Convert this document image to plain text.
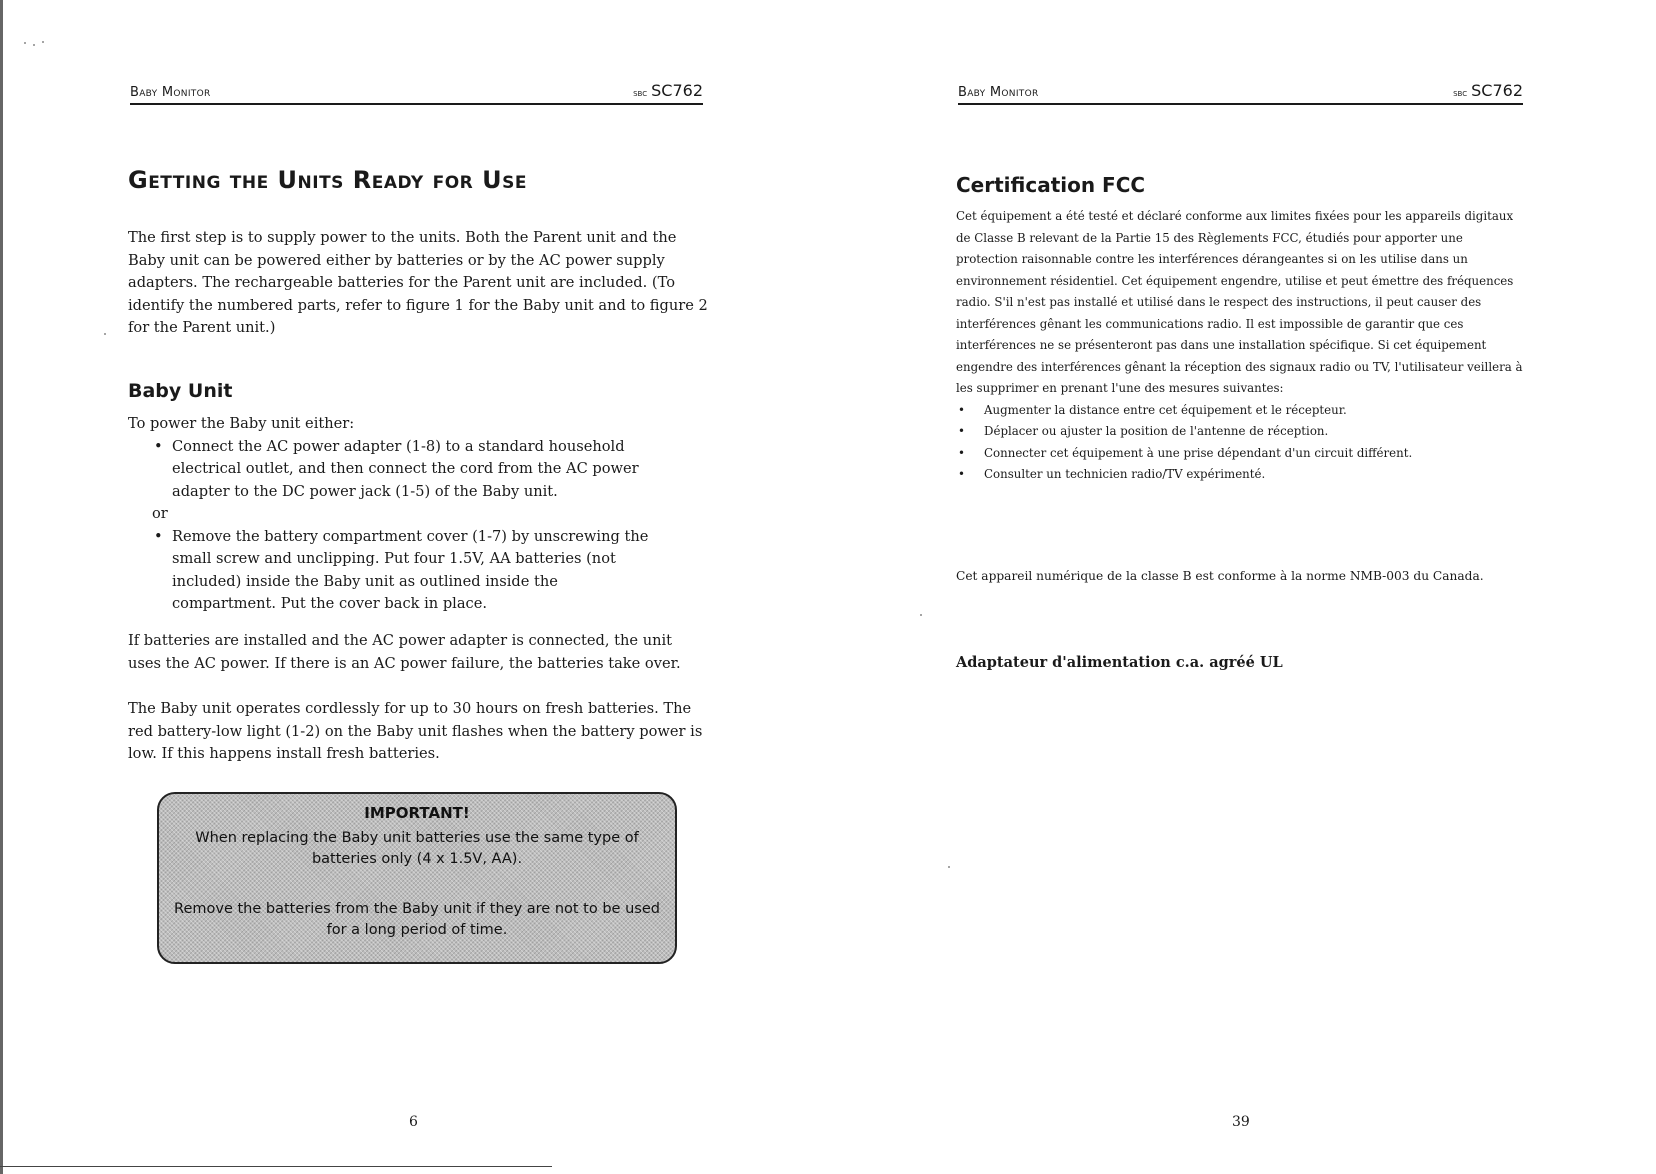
Baby Monitor	sbc SC762
Getting the Units Ready for Use

The first step is to supply power to the units. Both the Parent unit and the Baby unit can be powered either by batteries or by the AC power supply adapters. The rechargeable batteries for the Parent unit are included. (To identify the numbered parts, refer to figure 1 for the Baby unit and to figure 2 for the Parent unit.)

Baby Unit
To power the Baby unit either:
• Connect the AC power adapter (1-8) to a standard household electrical outlet, and then connect the cord from the AC power adapter to the DC power jack (1-5) of the Baby unit.
or
• Remove the battery compartment cover (1-7) by unscrewing the small screw and unclipping. Put four 1.5V, AA batteries (not included) inside the Baby unit as outlined inside the compartment. Put the cover back in place.

If batteries are installed and the AC power adapter is connected, the unit uses the AC power. If there is an AC power failure, the batteries take over.

The Baby unit operates cordlessly for up to 30 hours on fresh batteries. The red battery-low light (1-2) on the Baby unit flashes when the battery power is low. If this happens install fresh batteries.

IMPORTANT!
When replacing the Baby unit batteries use the same type of
batteries only (4 x 1.5V, AA).
Remove the batteries from the Baby unit if they are not to be used
for a long period of time.
6
Baby Monitor	sbc SC762
Certification FCC
Cet équipement a été testé et déclaré conforme aux limites fixées pour les appareils digitaux de Classe B relevant de la Partie 15 des Règlements FCC, étudiés pour apporter une protection raisonnable contre les interférences dérangeantes si on les utilise dans un environnement résidentiel. Cet équipement engendre, utilise et peut émettre des fréquences radio. S'il n'est pas installé et utilisé dans le respect des instructions, il peut causer des interférences gênant les communications radio. Il est impossible de garantir que ces interférences ne se présenteront pas dans une installation spécifique. Si cet équipement engendre des interférences gênant la réception des signaux radio ou TV, l'utilisateur veillera à les supprimer en prenant l'une des mesures suivantes:
• Augmenter la distance entre cet équipement et le récepteur.
• Déplacer ou ajuster la position de l'antenne de réception.
• Connecter cet équipement à une prise dépendant d'un circuit différent.
• Consulter un technicien radio/TV expérimenté.

Cet appareil numérique de la classe B est conforme à la norme NMB-003 du Canada.

Adaptateur d'alimentation c.a. agréé UL
39
